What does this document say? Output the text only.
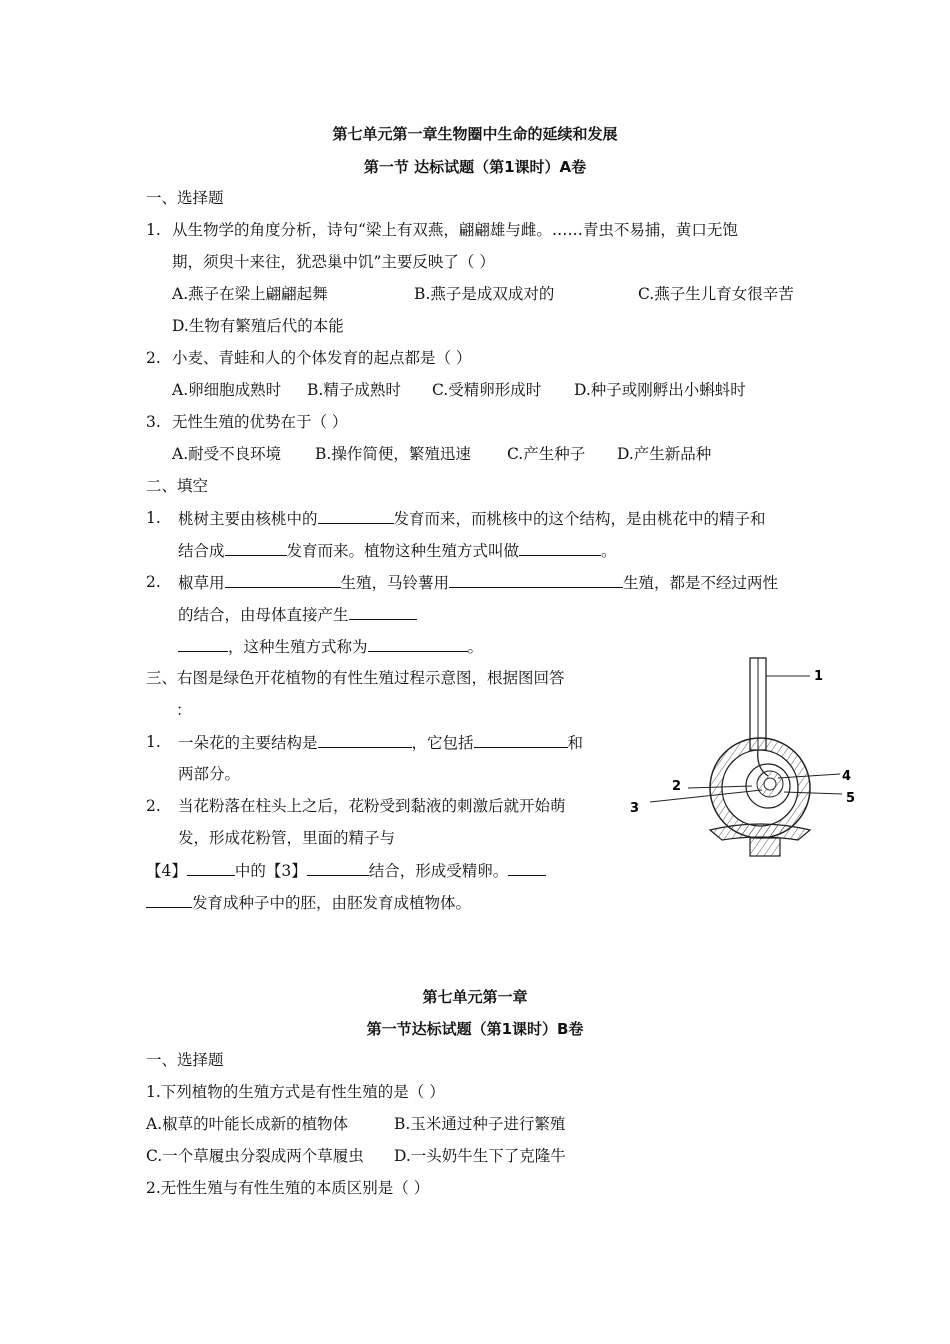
第七单元第一章生物圈中生命的延续和发展
第一节 达标试题（第1课时）A卷
一、选择题
1. 从生物学的角度分析，诗句“梁上有双燕，翩翩雄与雌。……青虫不易捕，黄口无饱
期，须臾十来往，犹恐巢中饥”主要反映了（ ）
A.燕子在梁上翩翩起舞	B.燕子是成双成对的	C.燕子生儿育女很辛苦
D.生物有繁殖后代的本能
2. 小麦、青蛙和人的个体发育的起点都是（ ）
A.卵细胞成熟时 B.精子成熟时 C.受精卵形成时 D.种子或刚孵出小蝌蚪时
3. 无性生殖的优势在于（ ）
A.耐受不良环境 B.操作简便，繁殖迅速 C.产生种子 D.产生新品种
二、填空
1. 桃树主要由核桃中的	发育而来，而桃核中的这个结构，是由桃花中的精子和
结合成	发育而来。植物这种生殖方式叫做	。
2. 椒草用	生殖，马铃薯用	生殖，都是不经过两性
的结合，由母体直接产生
，这种生殖方式称为	。
三、右图是绿色开花植物的有性生殖过程示意图，根据图回答
：
1. 一朵花的主要结构是	，它包括	和
两部分。
2. 当花粉落在柱头上之后，花粉受到黏液的刺激后就开始萌
发，形成花粉管，里面的精子与
【4】	中的【3】	结合，形成受精卵。
发育成种子中的胚，由胚发育成植物体。
1
2
3
4
5
第七单元第一章
第一节达标试题（第1课时）B卷
一、选择题
1.下列植物的生殖方式是有性生殖的是（ ）
A.椒草的叶能长成新的植物体	B.玉米通过种子进行繁殖
C.一个草履虫分裂成两个草履虫 D.一头奶牛生下了克隆牛
2.无性生殖与有性生殖的本质区别是（ ）
